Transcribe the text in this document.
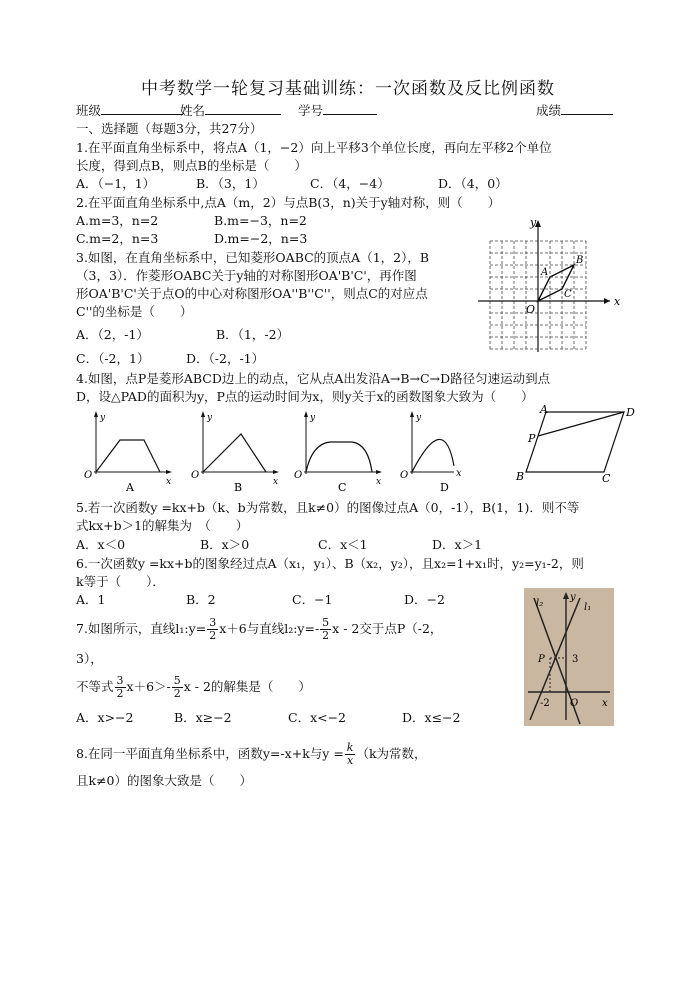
中考数学一轮复习基础训练：一次函数及反比例函数
班级	姓名	学号	成绩
一、选择题（每题3分，共27分）
1.在平面直角坐标系中，将点A（1，−2）向上平移3个单位长度，再向左平移2个单位
长度，得到点B，则点B的坐标是（　　）
A．（−1，1）	B．（3，1）	C．（4，−4）	D．（4，0）
2.在平面直角坐标系中,点A（m，2）与点B(3，n)关于y轴对称，则（　　）
A.m=3，n=2	B.m=−3，n=2
C.m=2，n=3	D.m=−2，n=3
3.如图，在直角坐标系中，已知菱形OABC的顶点A（1，2），B
（3，3）．作菱形OABC关于y轴的对称图形OA'B'C'，再作图
形OA'B'C'关于点O的中心对称图形OA''B''C''，则点C的对应点
C''的坐标是（　　）
A．（2，-1）	B．（1，-2）
C．（-2，1）	D．（-2，-1）
x
y
O
A
B
C
4.如图，点P是菱形ABCD边上的动点，它从点A出发沿A→B→C→D路径匀速运动到点
D，设△PAD的面积为y，P点的运动时间为x，则y关于x的函数图象大致为（　　）
y
x
O
A
y
x
O
B
y
x
O
C
y
O
D
x
A	D
P
B	C
5.若一次函数y =kx+b（k、b为常数，且k≠0）的图像过点A（0，-1），B(1，1)．则不等
式kx+b＞1的解集为　（　　）
A．x＜0	B．x＞0	C．x＜1	D．x＞1
6.一次函数y =kx+b的图象经过点A（x₁，y₁）、B（x₂，y₂），且x₂=1+x₁时，y₂=y₁-2，则
k等于（　　）．
A．1	B．2	C．−1	D．−2
7.如图所示，直线l₁:y= $\frac{3}{2} x+6$与直线l₂:y=- $\frac{5}{2}$ x - 2交于点P（-2，
3），
不等式 $\frac{3}{2} x+6>- \frac{5}{2}$ x - 2的解集是（　　）
A．x>−2	B．x≥−2	C．x<−2	D．x≤−2
l₂	l₁
y
P	3
-2 O x
8.在同一平面直角坐标系中，函数y=-x+k与$y = \frac{k}{x} (k$为常数，
且k≠0）的图象大致是（　　）
